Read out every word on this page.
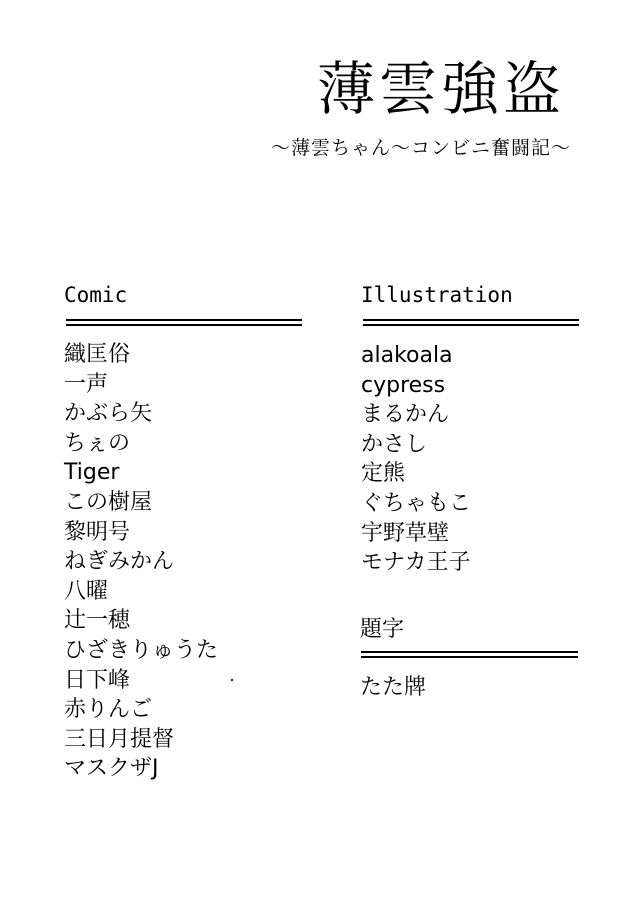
薄雲強盗
〜薄雲ちゃん〜コンビニ奮闘記〜
Comic
織匡俗
一声
かぶら矢
ちぇの
Tiger
この樹屋
黎明号
ねぎみかん
八曜
辻一穂
ひざきりゅうた
日下峰
赤りんご
三日月提督
マスクザJ
Illustration
alakoala
cypress
まるかん
かさし
定熊
ぐちゃもこ
宇野草壁
モナカ王子
題字
たた牌
